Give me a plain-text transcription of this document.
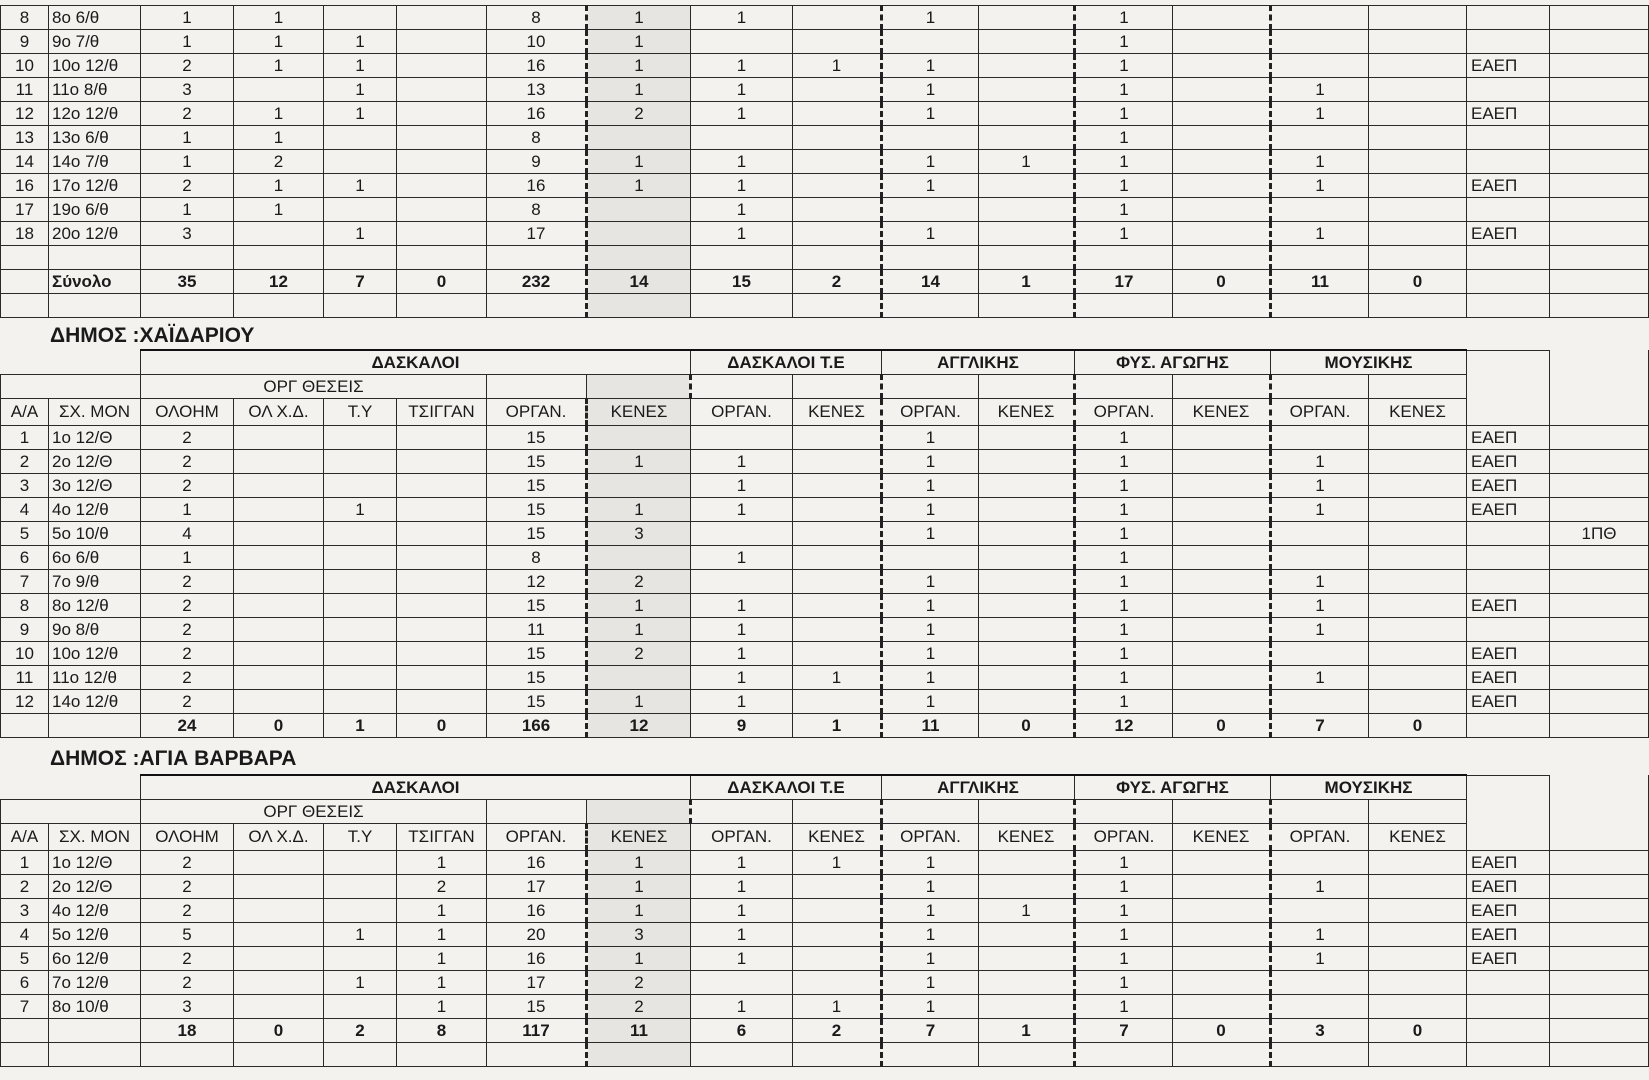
8	8ο 6/θ	1	1			8	1	1		1		1					
9	9ο 7/θ	1	1	1		10	1					1					
10	10ο 12/θ	2	1	1		16	1	1	1	1		1				ΕΑΕΠ	
11	11ο 8/θ	3		1		13	1	1		1		1		1			
12	12ο 12/θ	2	1	1		16	2	1		1		1		1		ΕΑΕΠ	
13	13ο 6/θ	1	1			8						1					
14	14ο 7/θ	1	2			9	1	1		1	1	1		1			
16	17ο 12/θ	2	1	1		16	1	1		1		1		1		ΕΑΕΠ	
17	19ο 6/θ	1	1			8		1				1					
18	20ο 12/θ	3		1		17		1		1		1		1		ΕΑΕΠ	

	Σύνολο	35	12	7	0	232	14	15	2	14	1	17	0	11	0		

ΔΗΜΟΣ :ΧΑΪΔΑΡΙΟΥ
		ΔΑΣΚΑΛΟΙ						ΔΑΣΚΑΛΟΙ Τ.Ε		ΑΓΓΛΙΚΗΣ		ΦΥΣ. ΑΓΩΓΗΣ		ΜΟΥΣΙΚΗΣ			
		ΟΡΓ ΘΕΣΕΙΣ															
Α/Α	ΣΧ. ΜΟΝ	ΟΛΟΗΜ	ΟΛ Χ.Δ.	Τ.Υ	ΤΣΙΓΓΑΝ	ΟΡΓΑΝ.	ΚΕΝΕΣ	ΟΡΓΑΝ.	ΚΕΝΕΣ	ΟΡΓΑΝ.	ΚΕΝΕΣ	ΟΡΓΑΝ.	ΚΕΝΕΣ	ΟΡΓΑΝ.	ΚΕΝΕΣ		
1	1ο 12/Θ	2				15				1		1				ΕΑΕΠ	
2	2ο 12/Θ	2				15	1	1		1		1		1		ΕΑΕΠ	
3	3ο 12/Θ	2				15		1		1		1		1		ΕΑΕΠ	
4	4ο 12/θ	1		1		15	1	1		1		1		1		ΕΑΕΠ	
5	5ο 10/θ	4				15	3			1		1					1ΠΘ
6	6ο 6/θ	1				8		1				1					
7	7ο 9/θ	2				12	2			1		1		1			
8	8ο 12/θ	2				15	1	1		1		1		1		ΕΑΕΠ	
9	9ο 8/θ	2				11	1	1		1		1		1			
10	10ο 12/θ	2				15	2	1		1		1				ΕΑΕΠ	
11	11ο 12/θ	2				15		1	1	1		1		1		ΕΑΕΠ	
12	14ο 12/θ	2				15	1	1		1		1				ΕΑΕΠ	
		24	0	1	0	166	12	9	1	11	0	12	0	7	0		
ΔΗΜΟΣ :ΑΓΙΑ ΒΑΡΒΑΡΑ
		ΔΑΣΚΑΛΟΙ						ΔΑΣΚΑΛΟΙ Τ.Ε		ΑΓΓΛΙΚΗΣ		ΦΥΣ. ΑΓΩΓΗΣ		ΜΟΥΣΙΚΗΣ			
		ΟΡΓ ΘΕΣΕΙΣ															
Α/Α	ΣΧ. ΜΟΝ	ΟΛΟΗΜ	ΟΛ Χ.Δ.	Τ.Υ	ΤΣΙΓΓΑΝ	ΟΡΓΑΝ.	ΚΕΝΕΣ	ΟΡΓΑΝ.	ΚΕΝΕΣ	ΟΡΓΑΝ.	ΚΕΝΕΣ	ΟΡΓΑΝ.	ΚΕΝΕΣ	ΟΡΓΑΝ.	ΚΕΝΕΣ		
1	1ο 12/Θ	2			1	16	1	1	1	1		1				ΕΑΕΠ	
2	2ο 12/Θ	2			2	17	1	1		1		1		1		ΕΑΕΠ	
3	4ο 12/θ	2			1	16	1	1		1	1	1				ΕΑΕΠ	
4	5ο 12/θ	5		1	1	20	3	1		1		1		1		ΕΑΕΠ	
5	6ο 12/θ	2			1	16	1	1		1		1		1		ΕΑΕΠ	
6	7ο 12/θ	2		1	1	17	2			1		1					
7	8ο 10/θ	3			1	15	2	1	1	1		1					
		18	0	2	8	117	11	6	2	7	1	7	0	3	0		
